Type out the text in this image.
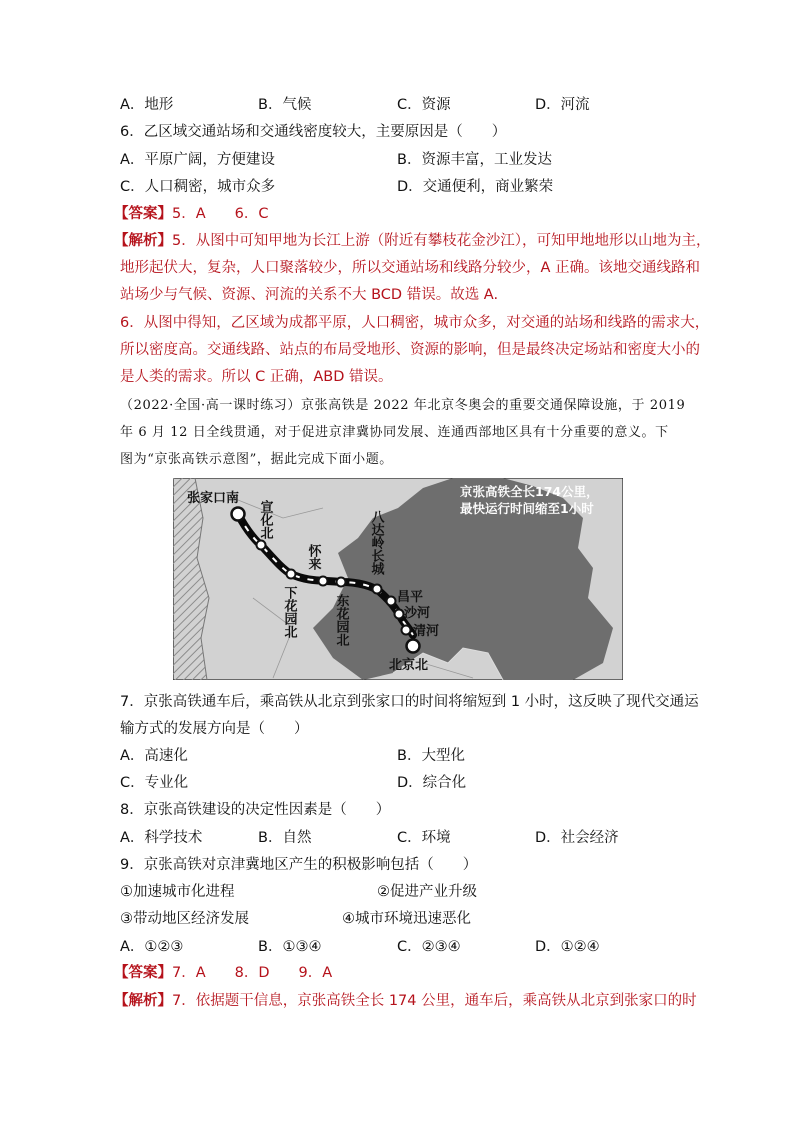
A．地形	B．气候	C．资源	D．河流
6．乙区域交通站场和交通线密度较大，主要原因是（　　）
A．平原广阔，方便建设	B．资源丰富，工业发达
C．人口稠密，城市众多	D．交通便利，商业繁荣
【答案】5．A　　6．C
【解析】5．从图中可知甲地为长江上游（附近有攀枝花金沙江），可知甲地地形以山地为主，
地形起伏大，复杂，人口聚落较少，所以交通站场和线路分较少，A 正确。该地交通线路和
站场少与气候、资源、河流的关系不大 BCD 错误。故选 A.
6．从图中得知，乙区域为成都平原，人口稠密，城市众多，对交通的站场和线路的需求大，
所以密度高。交通线路、站点的布局受地形、资源的影响，但是最终决定场站和密度大小的
是人类的需求。所以 C 正确，ABD 错误。
（2022·全国·高一课时练习）京张高铁是 2022 年北京冬奥会的重要交通保障设施，于 2019
年 6 月 12 日全线贯通，对于促进京津冀协同发展、连通西部地区具有十分重要的意义。下
图为“京张高铁示意图”，据此完成下面小题。
京张高铁全长174公里，
最快运行时间缩至1小时
张家口南
宣化北
怀来
下花园北	东花园北
八达岭长城
昌平
沙河
清河
北京北
7．京张高铁通车后，乘高铁从北京到张家口的时间将缩短到 1 小时，这反映了现代交通运
输方式的发展方向是（　　）
A．高速化	B．大型化
C．专业化	D．综合化
8．京张高铁建设的决定性因素是（　　）
A．科学技术	B．自然	C．环境	D．社会经济
9．京张高铁对京津冀地区产生的积极影响包括（　　）
①加速城市化进程	②促进产业升级
③带动地区经济发展	④城市环境迅速恶化
A．①②③	B．①③④	C．②③④	D．①②④
【答案】7．A　　8．D　　9．A
【解析】7．依据题干信息，京张高铁全长 174 公里，通车后，乘高铁从北京到张家口的时
